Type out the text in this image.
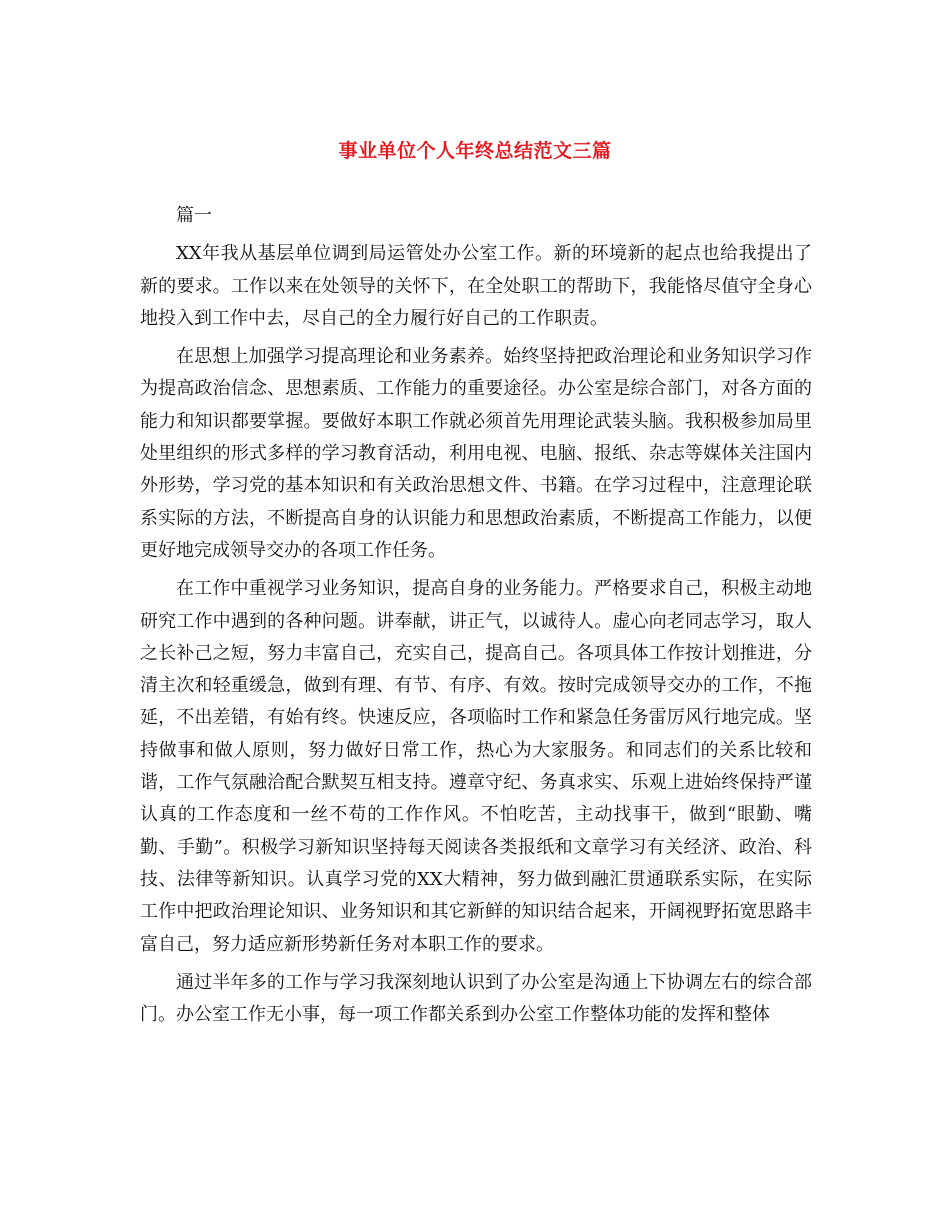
事业单位个人年终总结范文三篇

篇一

XX年我从基层单位调到局运管处办公室工作。新的环境新的起点也给我提出了新的要求。工作以来在处领导的关怀下，在全处职工的帮助下，我能恪尽值守全身心地投入到工作中去，尽自己的全力履行好自己的工作职责。

在思想上加强学习提高理论和业务素养。始终坚持把政治理论和业务知识学习作为提高政治信念、思想素质、工作能力的重要途径。办公室是综合部门，对各方面的能力和知识都要掌握。要做好本职工作就必须首先用理论武装头脑。我积极参加局里处里组织的形式多样的学习教育活动，利用电视、电脑、报纸、杂志等媒体关注国内外形势，学习党的基本知识和有关政治思想文件、书籍。在学习过程中，注意理论联系实际的方法，不断提高自身的认识能力和思想政治素质，不断提高工作能力，以便更好地完成领导交办的各项工作任务。

在工作中重视学习业务知识，提高自身的业务能力。严格要求自己，积极主动地研究工作中遇到的各种问题。讲奉献，讲正气，以诚待人。虚心向老同志学习，取人之长补己之短，努力丰富自己，充实自己，提高自己。各项具体工作按计划推进，分清主次和轻重缓急，做到有理、有节、有序、有效。按时完成领导交办的工作，不拖延，不出差错，有始有终。快速反应，各项临时工作和紧急任务雷厉风行地完成。坚持做事和做人原则，努力做好日常工作，热心为大家服务。和同志们的关系比较和谐，工作气氛融洽配合默契互相支持。遵章守纪、务真求实、乐观上进始终保持严谨认真的工作态度和一丝不苟的工作作风。不怕吃苦，主动找事干，做到“眼勤、嘴勤、手勤”。积极学习新知识坚持每天阅读各类报纸和文章学习有关经济、政治、科技、法律等新知识。认真学习党的XX大精神，努力做到融汇贯通联系实际，在实际工作中把政治理论知识、业务知识和其它新鲜的知识结合起来，开阔视野拓宽思路丰富自己，努力适应新形势新任务对本职工作的要求。

通过半年多的工作与学习我深刻地认识到了办公室是沟通上下协调左右的综合部门。办公室工作无小事，每一项工作都关系到办公室工作整体功能的发挥和整体
